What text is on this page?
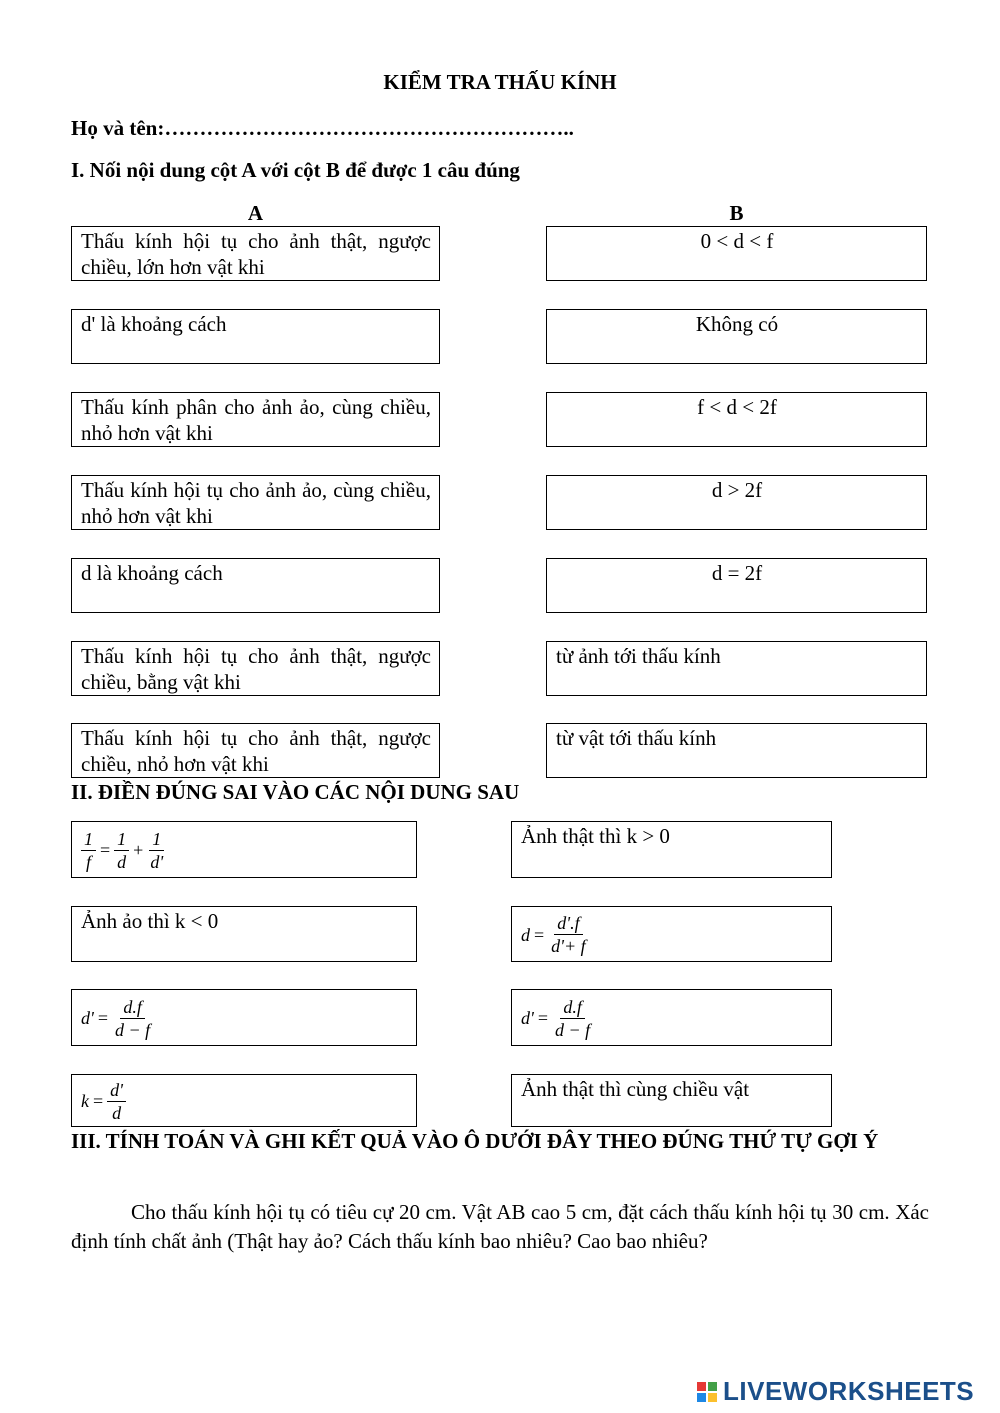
KIỂM TRA THẤU KÍNH
Họ và tên:…………………………………………………..
I. Nối nội dung cột A với cột B để được 1 câu đúng
A	B
Thấu kính hội tụ cho ảnh thật, ngược chiều, lớn hơn vật khi
d' là khoảng cách
Thấu kính phân cho ảnh ảo, cùng chiều, nhỏ hơn vật khi
Thấu kính hội tụ cho ảnh ảo, cùng chiều, nhỏ hơn vật khi
d là khoảng cách
Thấu kính hội tụ cho ảnh thật, ngược chiều, bằng vật khi
Thấu kính hội tụ cho ảnh thật, ngược chiều, nhỏ hơn vật khi
0 < d < f
Không có
f < d < 2f
d > 2f
d = 2f
từ ảnh tới thấu kính
từ vật tới thấu kính
II. ĐIỀN ĐÚNG SAI VÀO CÁC NỘI DUNG SAU
$\frac{1}{f} = \frac{1}{d} + \frac{1}{d'}$
Ảnh ảo thì k < 0
$d' = \frac{d.f}{d - f}$
$k = \frac{d'}{d}$
Ảnh thật thì k > 0
$d = \frac{d'.f}{d'+ f}$
$d' = \frac{d.f}{d - f}$
Ảnh thật thì cùng chiều vật
III. TÍNH TOÁN VÀ GHI KẾT QUẢ VÀO Ô DƯỚI ĐÂY THEO ĐÚNG THỨ TỰ GỢI Ý
Cho thấu kính hội tụ có tiêu cự 20 cm. Vật AB cao 5 cm, đặt cách thấu kính hội tụ 30 cm. Xác định tính chất ảnh (Thật hay ảo? Cách thấu kính bao nhiêu? Cao bao nhiêu?
LIVEWORKSHEETS
